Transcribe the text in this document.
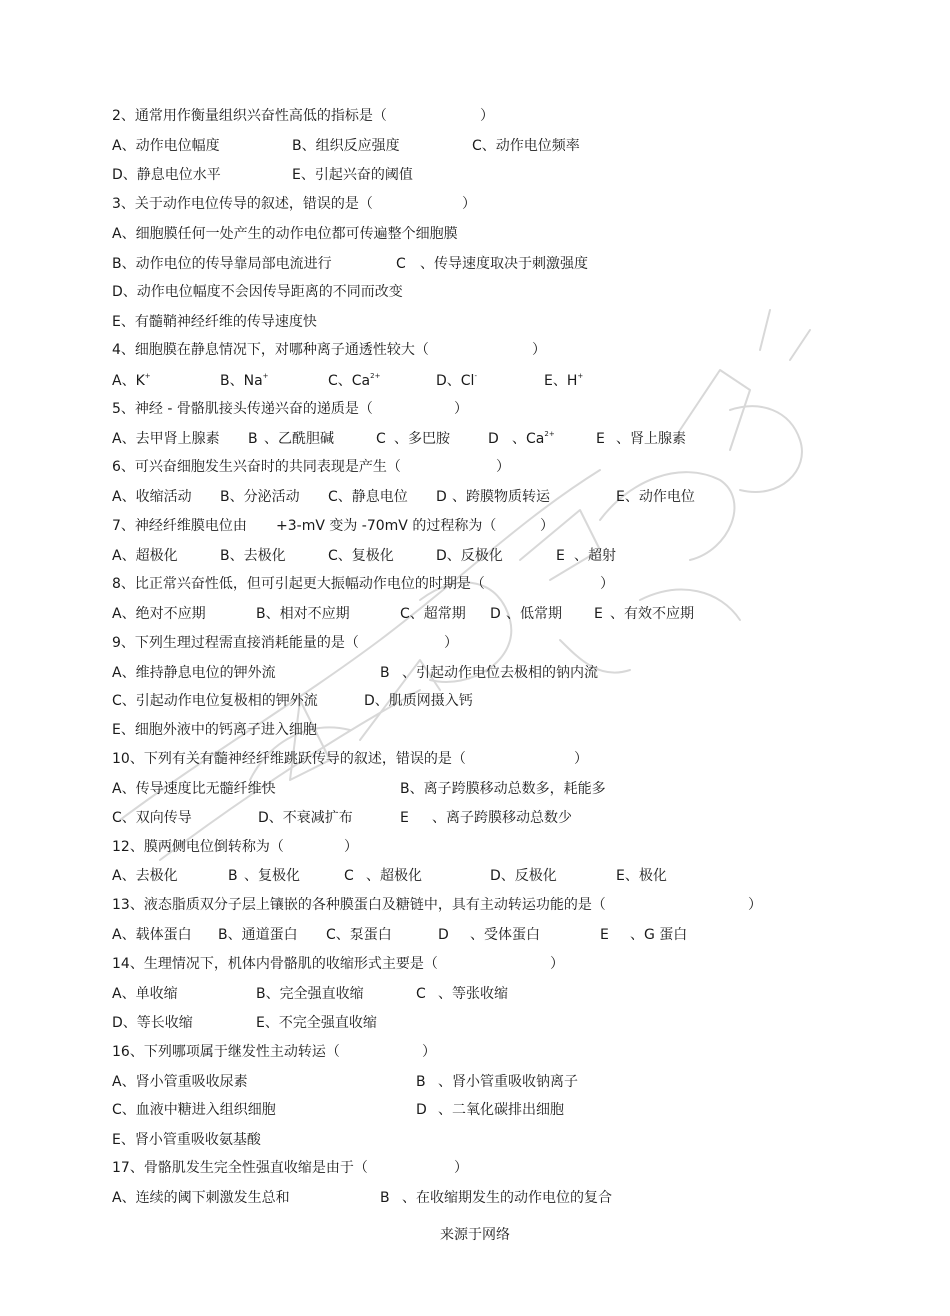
2、通常用作衡量组织兴奋性高低的指标是（	）
A、动作电位幅度	B、组织反应强度	C、动作电位频率
D、静息电位水平	E、引起兴奋的阈值
3、关于动作电位传导的叙述，错误的是（	）
A、细胞膜任何一处产生的动作电位都可传遍整个细胞膜
B、动作电位的传导靠局部电流进行	C 、传导速度取决于刺激强度
D、动作电位幅度不会因传导距离的不同而改变
E、有髓鞘神经纤维的传导速度快
4、细胞膜在静息情况下，对哪种离子通透性较大（	）
A、K+	B、Na+	C、$Ca^{2+}$	D、Cl-	E、H+
5、神经 - 骨骼肌接头传递兴奋的递质是（	）
A、去甲肾上腺素 B 、乙酰胆碱	C 、多巴胺	D 、$Ca^{2+}$	E 、肾上腺素
6、可兴奋细胞发生兴奋时的共同表现是产生（	）
A、收缩活动 B、分泌活动 C、静息电位 D 、跨膜物质转运	E、动作电位
7、神经纤维膜电位由 +3-mV 变为 -70mV 的过程称为（	）
A、超极化	B、去极化	C、复极化	D、反极化	E 、超射
8、比正常兴奋性低，但可引起更大振幅动作电位的时期是（	）
A、绝对不应期	B、相对不应期	C、超常期 D 、低常期 E 、有效不应期
9、下列生理过程需直接消耗能量的是（	）
A、维持静息电位的钾外流	B 、引起动作电位去极相的钠内流
C、引起动作电位复极相的钾外流	D、肌质网摄入钙
E、细胞外液中的钙离子进入细胞
10、下列有关有髓神经纤维跳跃传导的叙述，错误的是（	）
A、传导速度比无髓纤维快	B、离子跨膜移动总数多，耗能多
C、双向传导	D、不衰减扩布	E 、离子跨膜移动总数少
12、膜两侧电位倒转称为（	）
A、去极化	B 、复极化	C 、超极化	D、反极化	E、极化
13、液态脂质双分子层上镶嵌的各种膜蛋白及糖链中，具有主动转运功能的是（	）
A、载体蛋白 B、通道蛋白 C、泵蛋白	D 、受体蛋白	E 、G 蛋白
14、生理情况下，机体内骨骼肌的收缩形式主要是（	）
A、单收缩	B、完全强直收缩	C 、等张收缩
D、等长收缩	E、不完全强直收缩
16、下列哪项属于继发性主动转运（	）
A、肾小管重吸收尿素	B 、肾小管重吸收钠离子
C、血液中糖进入组织细胞	D 、二氧化碳排出细胞
E、肾小管重吸收氨基酸
17、骨骼肌发生完全性强直收缩是由于（	）
A、连续的阈下刺激发生总和	B 、在收缩期发生的动作电位的复合
来源于网络
